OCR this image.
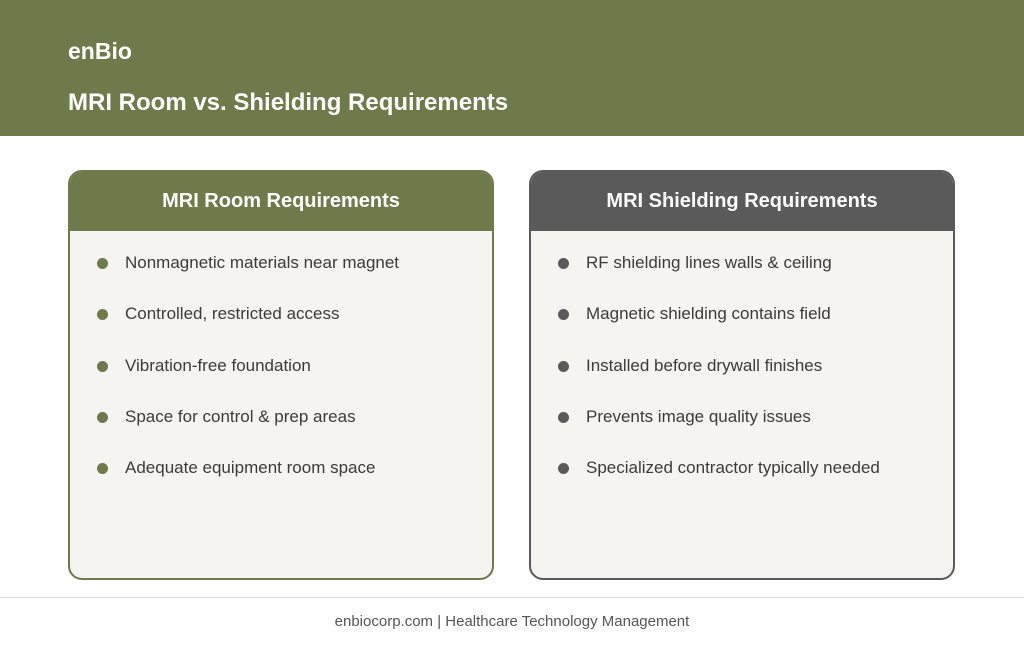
enBio
MRI Room vs. Shielding Requirements
MRI Room Requirements
Nonmagnetic materials near magnet
Controlled, restricted access
Vibration-free foundation
Space for control & prep areas
Adequate equipment room space
MRI Shielding Requirements
RF shielding lines walls & ceiling
Magnetic shielding contains field
Installed before drywall finishes
Prevents image quality issues
Specialized contractor typically needed
enbiocorp.com | Healthcare Technology Management
